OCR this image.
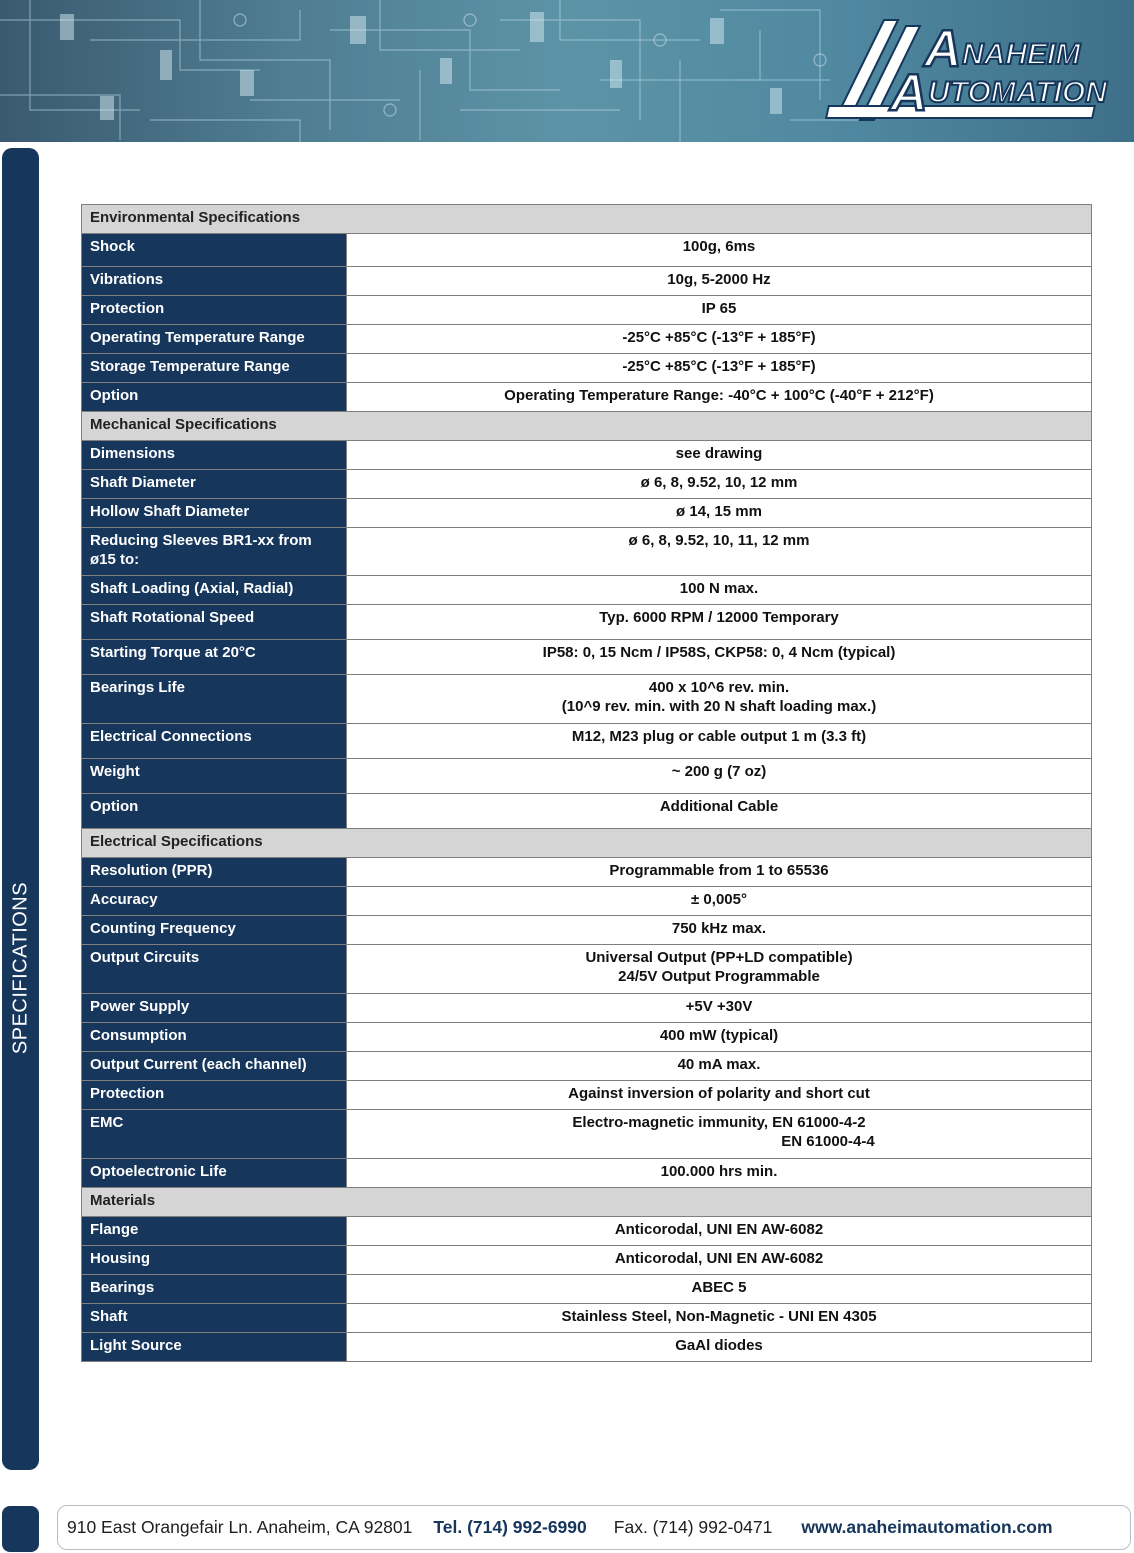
A
A
NAHEIM
UTOMATION
SPECIFICATIONS
Environmental Specifications	
Shock	100g, 6ms
Vibrations	10g, 5-2000 Hz
Protection	IP 65
Operating Temperature Range	-25°C +85°C (-13°F + 185°F)
Storage Temperature Range	-25°C +85°C (-13°F + 185°F)
Option	Operating Temperature Range: -40°C + 100°C (-40°F + 212°F)
Mechanical Specifications	
Dimensions	see drawing
Shaft Diameter	ø 6, 8, 9.52, 10, 12 mm
Hollow Shaft Diameter	ø 14, 15 mm
Reducing Sleeves BR1-xx from ø15 to:	ø 6, 8, 9.52, 10, 11, 12 mm
Shaft Loading (Axial, Radial)	100 N max.
Shaft Rotational Speed	Typ. 6000 RPM / 12000 Temporary
Starting Torque at 20°C	IP58: 0, 15 Ncm / IP58S, CKP58: 0, 4 Ncm (typical)
Bearings Life	400 x 10^6 rev. min.

(10^9 rev. min. with 20 N shaft loading max.)

Electrical Connections	M12, M23 plug or cable output 1 m (3.3 ft)
Weight	~ 200 g (7 oz)
Option	Additional Cable
Electrical Specifications	
Resolution (PPR)	Programmable from 1 to 65536
Accuracy	± 0,005°
Counting Frequency	750 kHz max.
Output Circuits	Universal Output (PP+LD compatible)

24/5V Output Programmable

Power Supply	+5V +30V
Consumption	400 mW (typical)
Output Current (each channel)	40 mA max.
Protection	Against inversion of polarity and short cut
EMC	Electro-magnetic immunity, EN 61000-4-2
EN 61000-4-4

Optoelectronic Life	100.000 hrs min.
Materials	
Flange	Anticorodal, UNI EN AW-6082
Housing	Anticorodal, UNI EN AW-6082
Bearings	ABEC 5
Shaft	Stainless Steel, Non-Magnetic - UNI EN 4305
Light Source	GaAl diodes
910 East Orangefair Ln. Anaheim, CA 92801 Tel. (714) 992-6990 Fax. (714) 992-0471 www.anaheimautomation.com
